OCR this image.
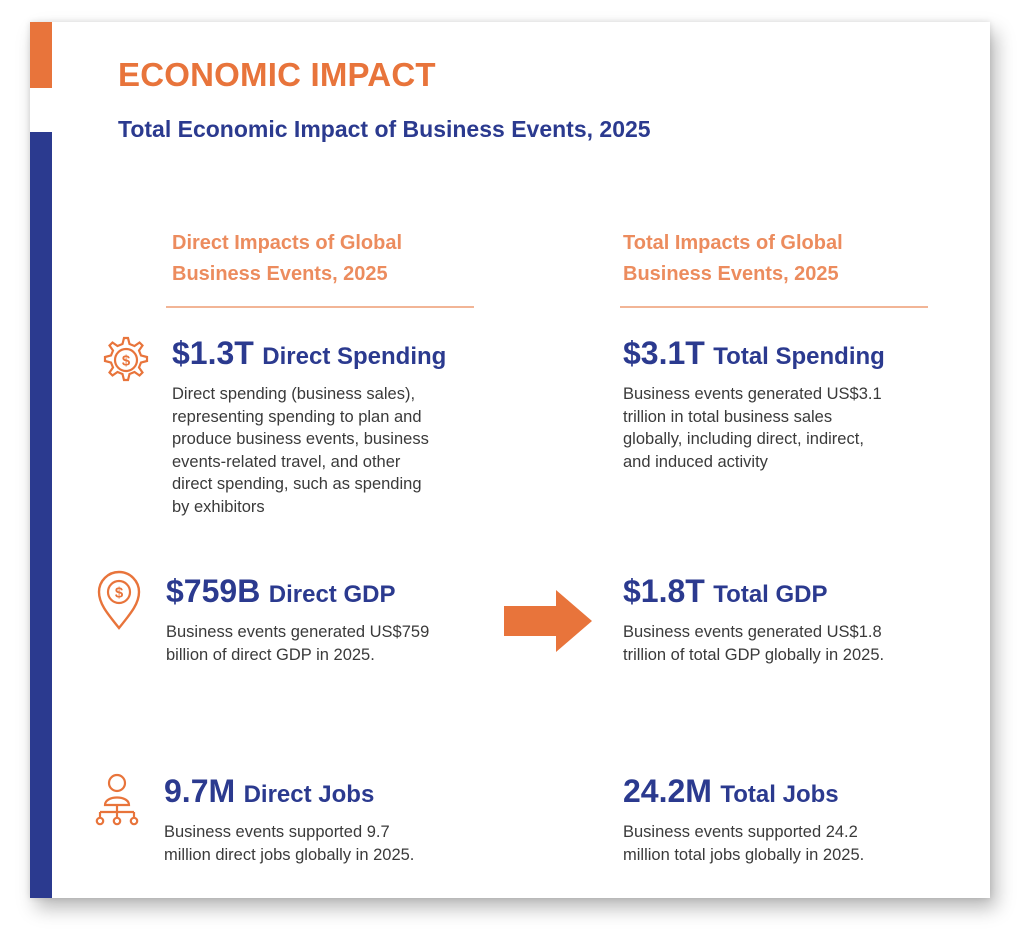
ECONOMIC IMPACT
Total Economic Impact of Business Events, 2025
Direct Impacts of Global
Business Events, 2025
Total Impacts of Global
Business Events, 2025
$
$
$1.3T Direct Spending
Direct spending (business sales),
representing spending to plan and
produce business events, business
events-related travel, and other
direct spending, such as spending
by exhibitors
$759B Direct GDP
Business events generated US$759
billion of direct GDP in 2025.
9.7M Direct Jobs
Business events supported 9.7
million direct jobs globally in 2025.
$3.1T Total Spending
Business events generated US$3.1
trillion in total business sales
globally, including direct, indirect,
and induced activity
$1.8T Total GDP
Business events generated US$1.8
trillion of total GDP globally in 2025.
24.2M Total Jobs
Business events supported 24.2
million total jobs globally in 2025.
